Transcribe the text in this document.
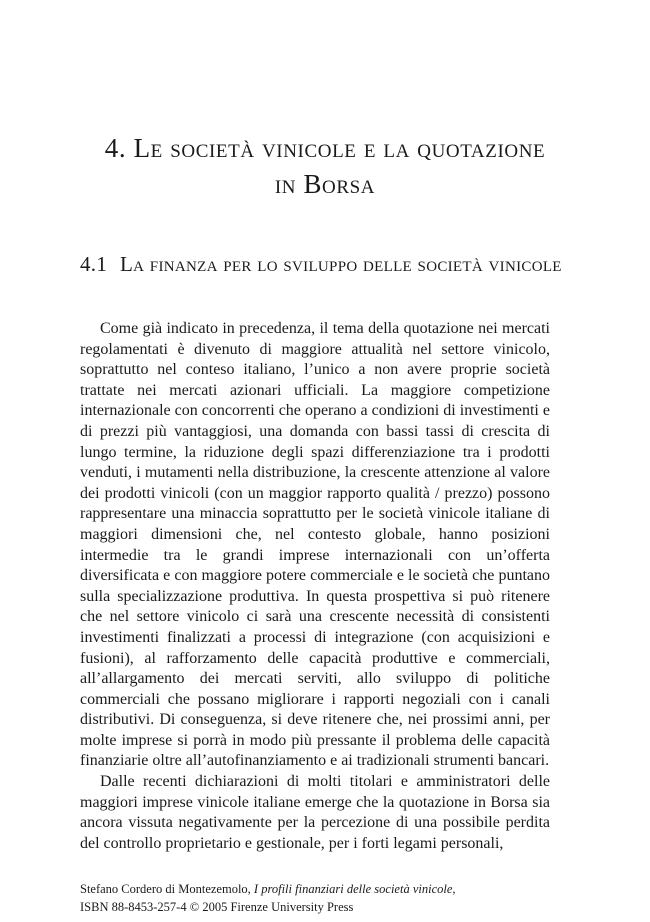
4. Le società vinicole e la quotazione
in Borsa
4.1 La finanza per lo sviluppo delle società vinicole

Come già indicato in precedenza, il tema della quotazione nei mercati regolamentati è divenuto di maggiore attualità nel settore vinicolo, soprattutto nel conteso italiano, l’unico a non avere proprie società trattate nei mercati azionari ufficiali. La maggiore competizione internazionale con concorrenti che operano a condizioni di investimenti e di prezzi più vantaggiosi, una domanda con bassi tassi di crescita di lungo termine, la riduzione degli spazi differenziazione tra i prodotti venduti, i mutamenti nella distribuzione, la crescente attenzione al valore dei prodotti vinicoli (con un maggior rapporto qualità / prezzo) possono rappresentare una minaccia soprattutto per le società vinicole italiane di maggiori dimensioni che, nel contesto globale, hanno posizioni intermedie tra le grandi imprese internazionali con un’offerta diversificata e con maggiore potere commerciale e le società che puntano sulla specializzazione produttiva. In questa prospettiva si può ritenere che nel settore vinicolo ci sarà una crescente necessità di consistenti investimenti finalizzati a processi di integrazione (con acquisizioni e fusioni), al rafforzamento delle capacità produttive e commerciali, all’allargamento dei mercati serviti, allo sviluppo di politiche commerciali che possano migliorare i rapporti negoziali con i canali distributivi. Di conseguenza, si deve ritenere che, nei prossimi anni, per molte imprese si porrà in modo più pressante il problema delle capacità finanziarie oltre all’autofinanziamento e ai tradizionali strumenti bancari.

Dalle recenti dichiarazioni di molti titolari e amministratori delle maggiori imprese vinicole italiane emerge che la quotazione in Borsa sia ancora vissuta negativamente per la percezione di una possibile perdita del controllo proprietario e gestionale, per i forti legami personali,

Stefano Cordero di Montezemolo, I profili finanziari delle società vinicole,
ISBN 88-8453-257-4 © 2005 Firenze University Press
